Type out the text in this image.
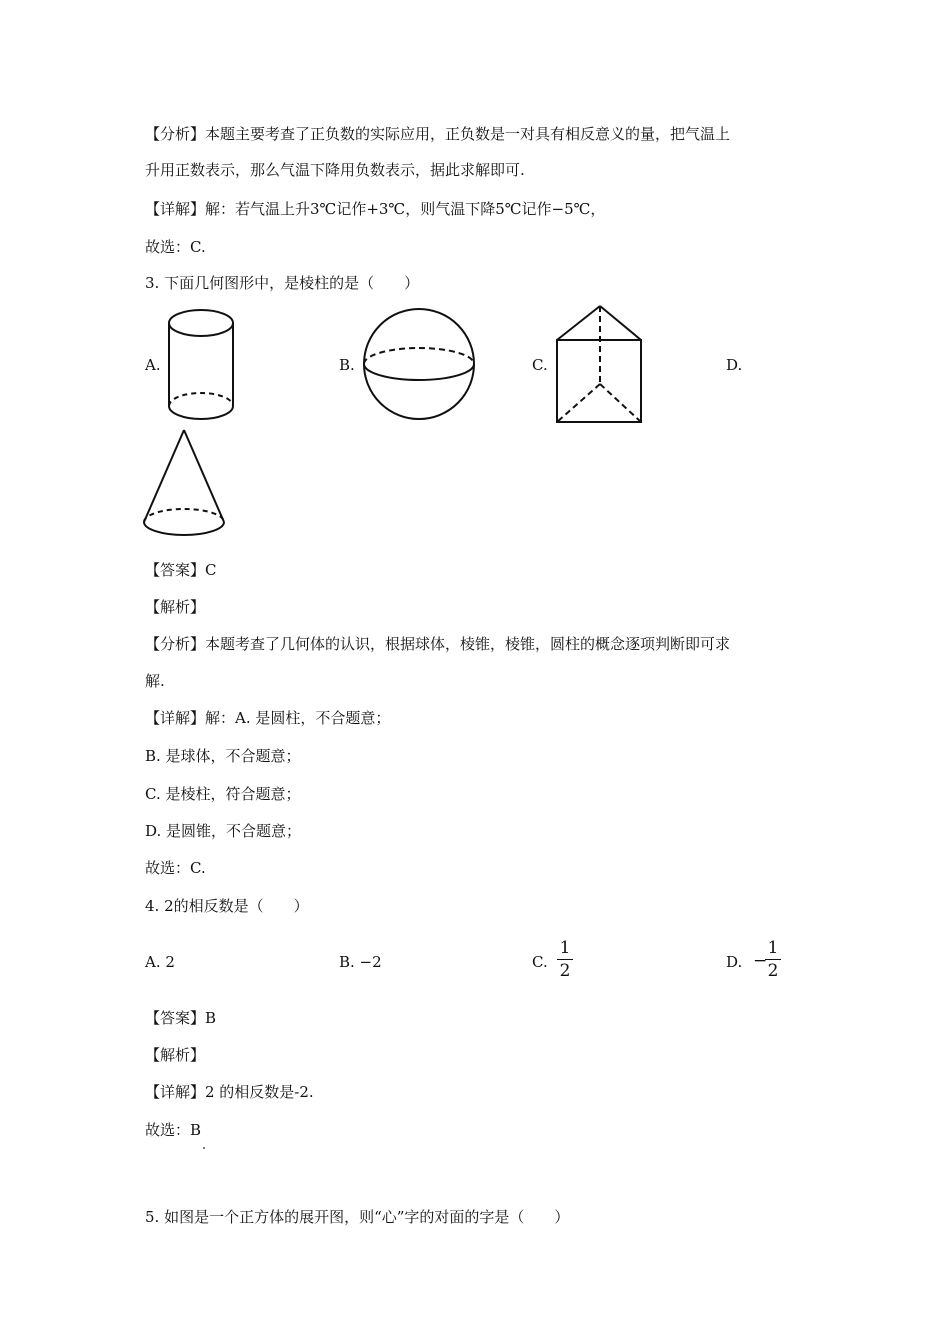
【分析】本题主要考查了正负数的实际应用，正负数是一对具有相反意义的量，把气温上
升用正数表示，那么气温下降用负数表示，据此求解即可.
【详解】解：若气温上升3℃记作+3℃，则气温下降5℃记作−5℃，
故选：C.
3. 下面几何图形中，是棱柱的是（　　）
A.	B.	C.	D.
【答案】C
【解析】
【分析】本题考查了几何体的认识，根据球体，棱锥，棱锥，圆柱的概念逐项判断即可求
解.
【详解】解：A. 是圆柱，不合题意；
B. 是球体，不合题意；
C. 是棱柱，符合题意；
D. 是圆锥，不合题意；
故选：C.
4. 2的相反数是（　　）
A. 2	B. −2	C.
1
2	D. −
1
2
【答案】B
【解析】
【详解】2 的相反数是-2.
故选：B
5. 如图是一个正方体的展开图，则“心”字的对面的字是（　　）
